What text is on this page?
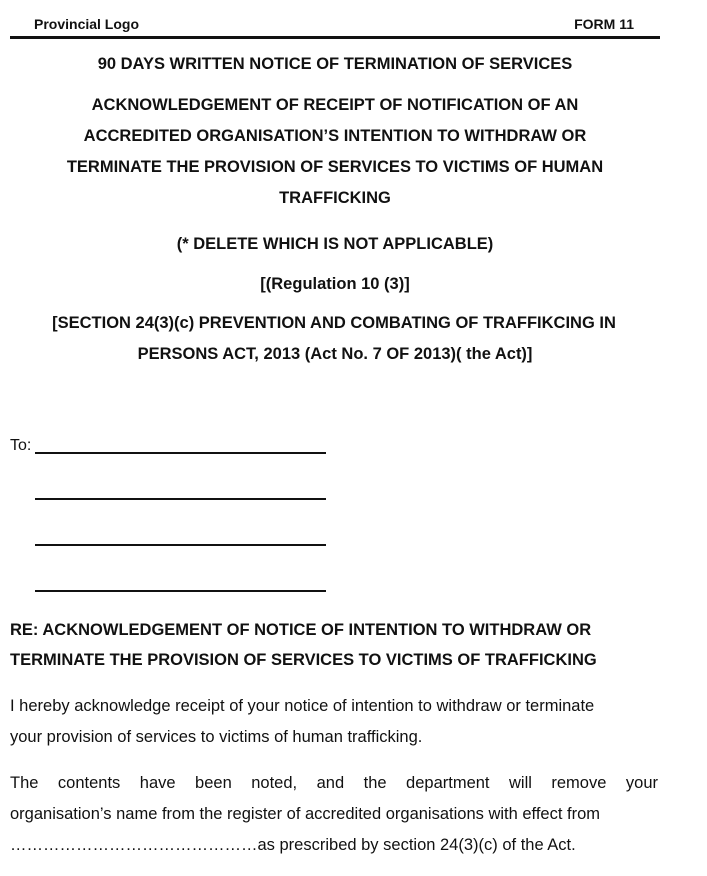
Provincial Logo	FORM 11
90 DAYS WRITTEN NOTICE OF TERMINATION OF SERVICES
ACKNOWLEDGEMENT OF RECEIPT OF NOTIFICATION OF AN
ACCREDITED ORGANISATION’S INTENTION TO WITHDRAW OR
TERMINATE THE PROVISION OF SERVICES TO VICTIMS OF HUMAN
TRAFFICKING
(* DELETE WHICH IS NOT APPLICABLE)
[(Regulation 10 (3)]
[SECTION 24(3)(c) PREVENTION AND COMBATING OF TRAFFIKCING IN
PERSONS ACT, 2013 (Act No. 7 OF 2013)( the Act)]
To:
RE: ACKNOWLEDGEMENT OF NOTICE OF INTENTION TO WITHDRAW OR
TERMINATE THE PROVISION OF SERVICES TO VICTIMS OF TRAFFICKING
I hereby acknowledge receipt of your notice of intention to withdraw or terminate
your provision of services to victims of human trafficking.
The contents have been noted, and the department will remove your
organisation’s name from the register of accredited organisations with effect from
………………………………………as prescribed by section 24(3)(c) of the Act.
